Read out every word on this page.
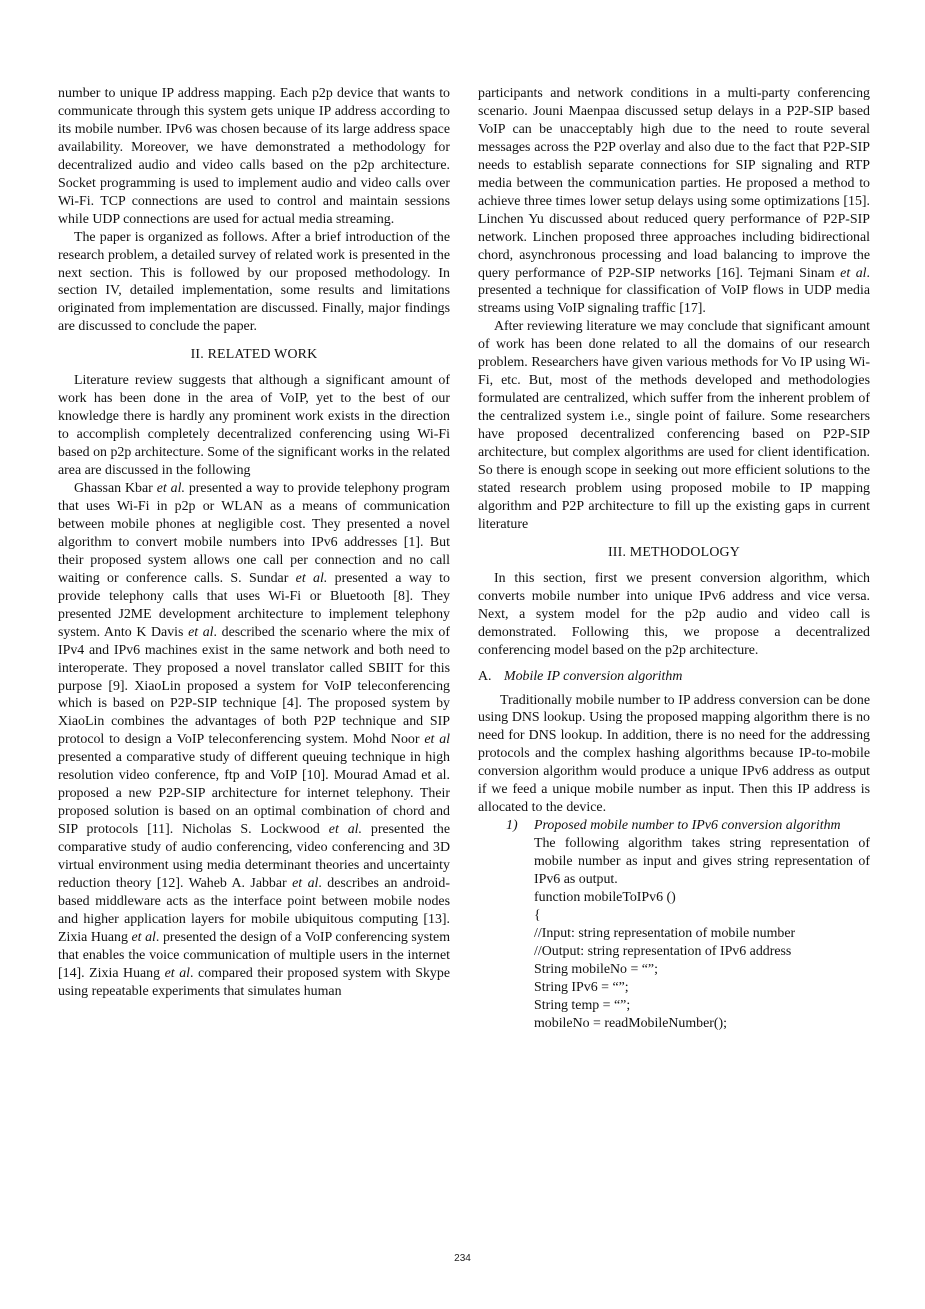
number to unique IP address mapping. Each p2p device that wants to communicate through this system gets unique IP address according to its mobile number. IPv6 was chosen because of its large address space availability. Moreover, we have demonstrated a methodology for decentralized audio and video calls based on the p2p architecture. Socket programming is used to implement audio and video calls over Wi-Fi. TCP connections are used to control and maintain sessions while UDP connections are used for actual media streaming.

The paper is organized as follows. After a brief introduction of the research problem, a detailed survey of related work is presented in the next section. This is followed by our proposed methodology. In section IV, detailed implementation, some results and limitations originated from implementation are discussed. Finally, major findings are discussed to conclude the paper.

II. RELATED WORK

Literature review suggests that although a significant amount of work has been done in the area of VoIP, yet to the best of our knowledge there is hardly any prominent work exists in the direction to accomplish completely decentralized conferencing using Wi-Fi based on p2p architecture. Some of the significant works in the related area are discussed in the following

Ghassan Kbar et al. presented a way to provide telephony program that uses Wi-Fi in p2p or WLAN as a means of communication between mobile phones at negligible cost. They presented a novel algorithm to convert mobile numbers into IPv6 addresses [1]. But their proposed system allows one call per connection and no call waiting or conference calls. S. Sundar et al. presented a way to provide telephony calls that uses Wi-Fi or Bluetooth [8]. They presented J2ME development architecture to implement telephony system. Anto K Davis et al. described the scenario where the mix of IPv4 and IPv6 machines exist in the same network and both need to interoperate. They proposed a novel translator called SBIIT for this purpose [9]. XiaoLin proposed a system for VoIP teleconferencing which is based on P2P-SIP technique [4]. The proposed system by XiaoLin combines the advantages of both P2P technique and SIP protocol to design a VoIP teleconferencing system. Mohd Noor et al presented a comparative study of different queuing technique in high resolution video conference, ftp and VoIP [10]. Mourad Amad et al. proposed a new P2P-SIP architecture for internet telephony. Their proposed solution is based on an optimal combination of chord and SIP protocols [11]. Nicholas S. Lockwood et al. presented the comparative study of audio conferencing, video conferencing and 3D virtual environment using media determinant theories and uncertainty reduction theory [12]. Waheb A. Jabbar et al. describes an android-based middleware acts as the interface point between mobile nodes and higher application layers for mobile ubiquitous computing [13]. Zixia Huang et al. presented the design of a VoIP conferencing system that enables the voice communication of multiple users in the internet [14]. Zixia Huang et al. compared their proposed system with Skype using repeatable experiments that simulates human

participants and network conditions in a multi-party conferencing scenario. Jouni Maenpaa discussed setup delays in a P2P-SIP based VoIP can be unacceptably high due to the need to route several messages across the P2P overlay and also due to the fact that P2P-SIP needs to establish separate connections for SIP signaling and RTP media between the communication parties. He proposed a method to achieve three times lower setup delays using some optimizations [15]. Linchen Yu discussed about reduced query performance of P2P-SIP network. Linchen proposed three approaches including bidirectional chord, asynchronous processing and load balancing to improve the query performance of P2P-SIP networks [16]. Tejmani Sinam et al. presented a technique for classification of VoIP flows in UDP media streams using VoIP signaling traffic [17].

After reviewing literature we may conclude that significant amount of work has been done related to all the domains of our research problem. Researchers have given various methods for Vo IP using Wi-Fi, etc. But, most of the methods developed and methodologies formulated are centralized, which suffer from the inherent problem of the centralized system i.e., single point of failure. Some researchers have proposed decentralized conferencing based on P2P-SIP architecture, but complex algorithms are used for client identification. So there is enough scope in seeking out more efficient solutions to the stated research problem using proposed mobile to IP mapping algorithm and P2P architecture to fill up the existing gaps in current literature

III. METHODOLOGY

In this section, first we present conversion algorithm, which converts mobile number into unique IPv6 address and vice versa. Next, a system model for the p2p audio and video call is demonstrated. Following this, we propose a decentralized conferencing model based on the p2p architecture.

A. Mobile IP conversion algorithm

Traditionally mobile number to IP address conversion can be done using DNS lookup. Using the proposed mapping algorithm there is no need for DNS lookup. In addition, there is no need for the addressing protocols and the complex hashing algorithms because IP-to-mobile conversion algorithm would produce a unique IPv6 address as output if we feed a unique mobile number as input. Then this IP address is allocated to the device.

1) Proposed mobile number to IPv6 conversion algorithm

The following algorithm takes string representation of mobile number as input and gives string representation of IPv6 as output.

function mobileToIPv6 ()
{
//Input: string representation of mobile number
//Output: string representation of IPv6 address
String mobileNo = “”;
String IPv6 = “”;
String temp = “”;
mobileNo = readMobileNumber();
234
